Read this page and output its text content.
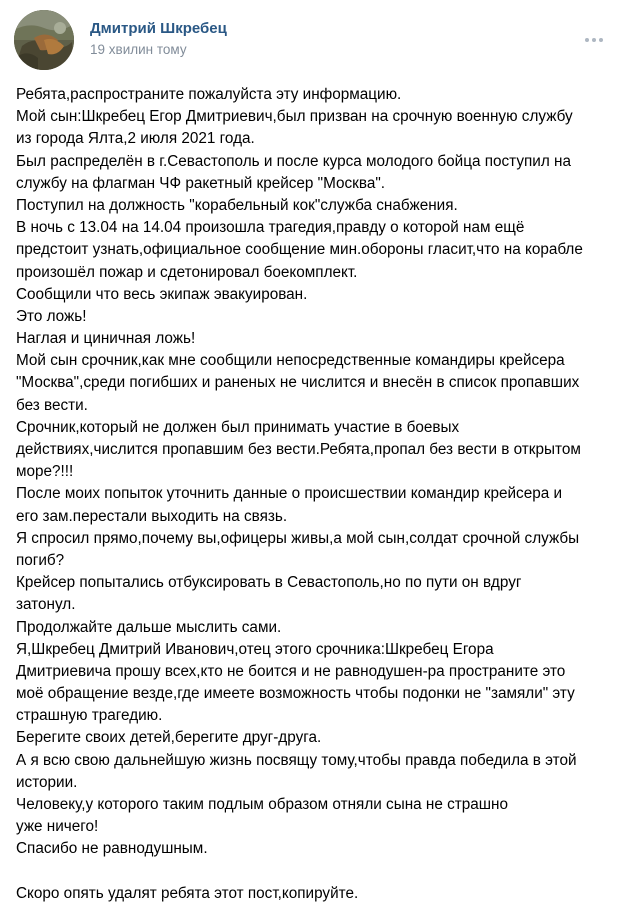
Дмитрий Шкребец
19 хвилин тому
Ребята,распространите пожалуйста эту информацию.
Мой сын:Шкребец Егор Дмитриевич,был призван на срочную военную службу
из города Ялта,2 июля 2021 года.
Был распределён в г.Севастополь и после курса молодого бойца поступил на
службу на флагман ЧФ ракетный крейсер "Москва".
Поступил на должность "корабельный кок"служба снабжения.
В ночь с 13.04 на 14.04 произошла трагедия,правду о которой нам ещё
предстоит узнать,официальное сообщение мин.обороны гласит,что на корабле
произошёл пожар и сдетонировал боекомплект.
Сообщили что весь экипаж эвакуирован.
Это ложь!
Наглая и циничная ложь!
Мой сын срочник,как мне сообщили непосредственные командиры крейсера
"Москва",среди погибших и раненых не числится и внесён в список пропавших
без вести.
Срочник,который не должен был принимать участие в боевых
действиях,числится пропавшим без вести.Ребята,пропал без вести в открытом
море?!!!
После моих попыток уточнить данные о происшествии командир крейсера и
его зам.перестали выходить на связь.
Я спросил прямо,почему вы,офицеры живы,а мой сын,солдат срочной службы
погиб?
Крейсер попытались отбуксировать в Севастополь,но по пути он вдруг
затонул.
Продолжайте дальше мыслить сами.
Я,Шкребец Дмитрий Иванович,отец этого срочника:Шкребец Егора
Дмитриевича прошу всех,кто не боится и не равнодушен-ра пространите это
моё обращение везде,где имеете возможность чтобы подонки не "замяли" эту
страшную трагедию.
Берегите своих детей,берегите друг-друга.
А я всю свою дальнейшую жизнь посвящу тому,чтобы правда победила в этой
истории.
Человеку,у которого таким подлым образом отняли сына не страшно
уже ничего!
Спасибо не равнодушным.
Скоро опять удалят ребята этот пост,копируйте.
